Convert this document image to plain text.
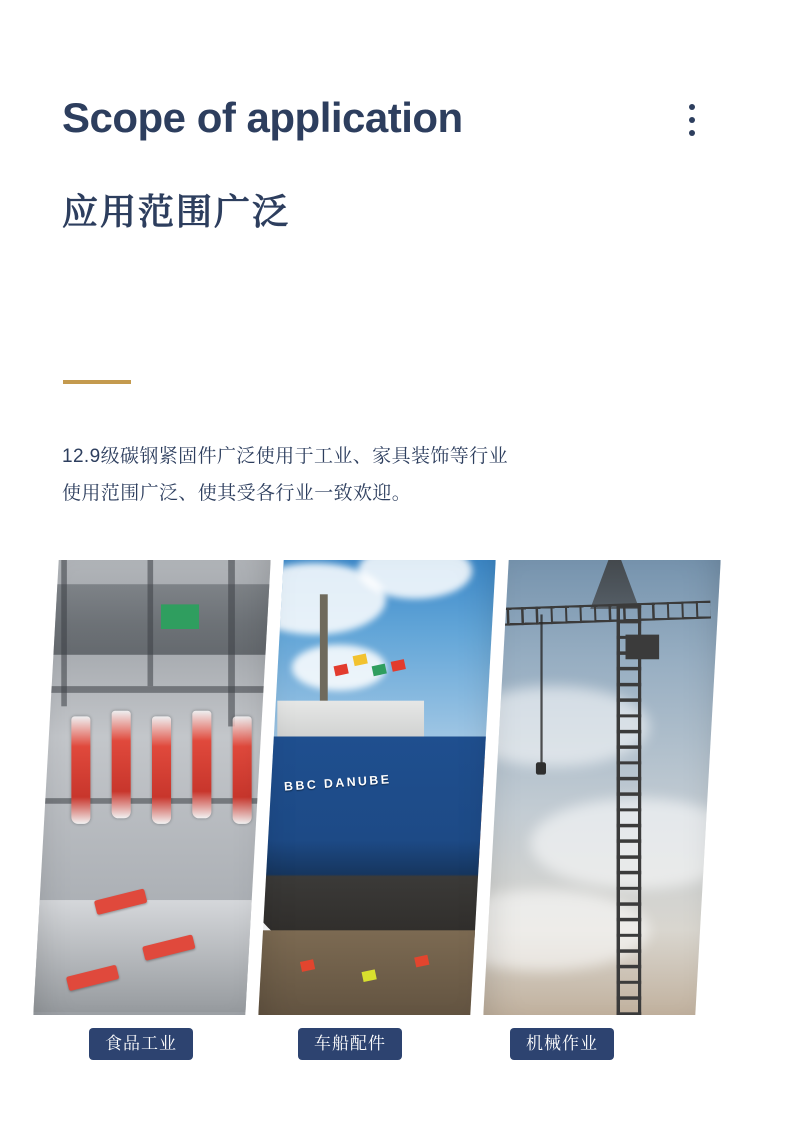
Scope of application
应用范围广泛

12.9级碳钢紧固件广泛使用于工业、家具装饰等行业

使用范围广泛、使其受各行业一致欢迎。

BBC DANUBE
食品工业	车船配件	机械作业
